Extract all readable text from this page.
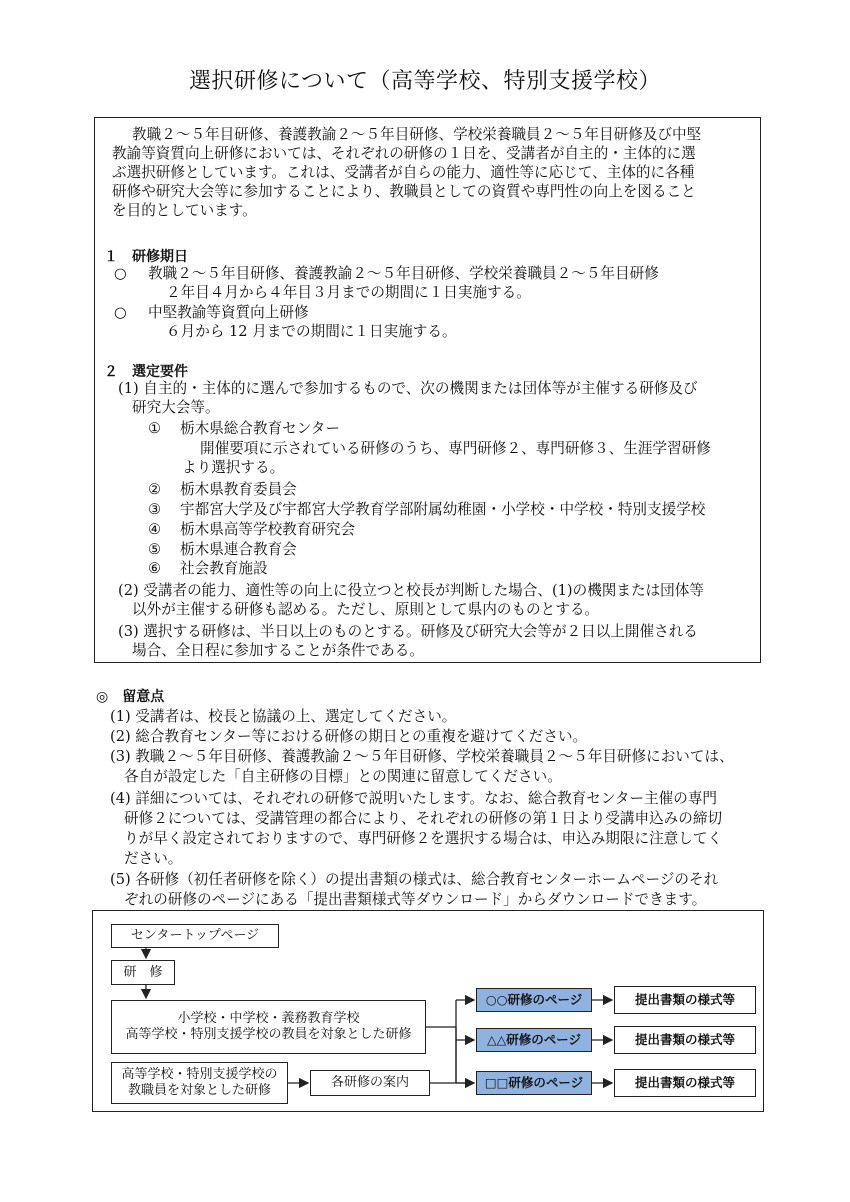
選択研修について（高等学校、特別支援学校）
教職２～５年目研修、養護教諭２～５年目研修、学校栄養職員２～５年目研修及び中堅
教諭等資質向上研修においては、それぞれの研修の１日を、受講者が自主的・主体的に選
ぶ選択研修としています。これは、受講者が自らの能力、適性等に応じて、主体的に各種
研修や研究大会等に参加することにより、教職員としての資質や専門性の向上を図ること
を目的としています。
１　研修期日
○ 教職２～５年目研修、養護教諭２～５年目研修、学校栄養職員２～５年目研修
２年目４月から４年目３月までの期間に１日実施する。
○ 中堅教諭等資質向上研修
６月から 12 月までの期間に１日実施する。
２　選定要件
(1) 自主的・主体的に選んで参加するもので、次の機関または団体等が主催する研修及び
研究大会等。
① 栃木県総合教育センター
開催要項に示されている研修のうち、専門研修２、専門研修３、生涯学習研修
より選択する。
② 栃木県教育委員会
③ 宇都宮大学及び宇都宮大学教育学部附属幼稚園・小学校・中学校・特別支援学校
④ 栃木県高等学校教育研究会
⑤ 栃木県連合教育会
⑥ 社会教育施設
(2) 受講者の能力、適性等の向上に役立つと校長が判断した場合、(1)の機関または団体等
以外が主催する研修も認める。ただし、原則として県内のものとする。
(3) 選択する研修は、半日以上のものとする。研修及び研究大会等が２日以上開催される
場合、全日程に参加することが条件である。
◎　留意点
(1) 受講者は、校長と協議の上、選定してください。
(2) 総合教育センター等における研修の期日との重複を避けてください。
(3) 教職２～５年目研修、養護教諭２～５年目研修、学校栄養職員２～５年目研修においては、
各自が設定した「自主研修の目標」との関連に留意してください。
(4) 詳細については、それぞれの研修で説明いたします。なお、総合教育センター主催の専門
研修２については、受講管理の都合により、それぞれの研修の第１日より受講申込みの締切
りが早く設定されておりますので、専門研修２を選択する場合は、申込み期限に注意してく
ださい。
(5) 各研修（初任者研修を除く）の提出書類の様式は、総合教育センターホームページのそれ
ぞれの研修のページにある「提出書類様式等ダウンロード」からダウンロードできます。
センタートップページ
研　修
小学校・中学校・義務教育学校
高等学校・特別支援学校の教員を対象とした研修
高等学校・特別支援学校の
教職員を対象とした研修
各研修の案内
○○研修のページ
△△研修のページ
□□研修のページ
提出書類の様式等
提出書類の様式等
提出書類の様式等
